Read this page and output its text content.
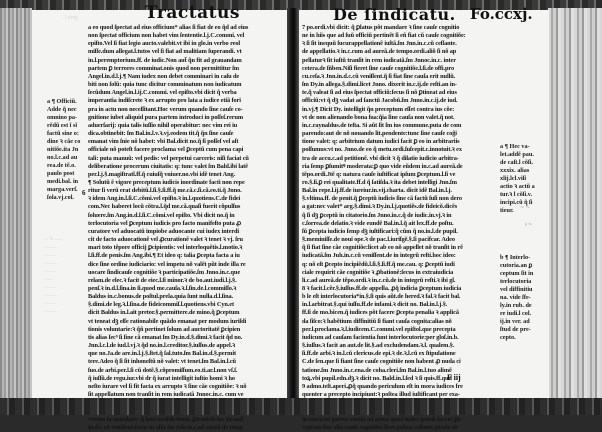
. ǀ ccxj .

.. ꝛ ......

........

.......

........

.......

......

.......

........

.......

........

Tractatus	De ſindicatu. Fo.ccxj.

a eo quod ſpectat ad eius officium* alias ſi fiat de eo q̃d ad eius

non ſpectat officium non habet vim ſententie.l.j.C.commi. vel

epiſto.Vel ſi fiat legio aucto.valebit.vt ibi in glo.in verbo reol

miſſe.dum allegat.l.tutos vel ſi fiat ad malitiam ſuperandi. vt

in.l.peremptorium.ff. de iudic.Non aut̃ q̃n fit ad grauandam

partem ꝑ terrores comminat.onis quod non permittitur ſm

Angel.in.d.l.j.¶ Nam iudex non debet comminari in caſu de

biti non ſolũ: quia tunc dicitur comminatum non iudicatum

ſecũdum Angel.in.l.ij.C.commi. vel epiſto.vbi dicit q̃ verba

imperantia indiſcrete ꝛ ex arrupto pro lata a iudice etiã fori

pra in actu non neceſſitant.Hoc verum quando ſine cauſe co-

gnitione iubet aliquid pura partem introduci in poſſeſ.rerum

aduerſarij: quia talis iuſſio nihil operabitur: nec vim rei iu

dica.obtinebit: ſm Bal.in.l.v.ꝛ.vj.eodem tit.q̃ q̃n ſine cauſe

emanat vim ſnie nõ habet: vbi Bal.dicit no.q̃ ſi poſſeſ vel aſt

officiale nõ poteſt facere proclama vel ꝑceptũ cum pena capi

tali: puta manuũ: vel pedis: vel perpetui carceris: niſi faciat cũ

deliberatione procerum ciuitatis: q: tunc valet ſm Bald.ibi latẽ

per.l.j.§.magiſtratĩ.ff.q̃ cuiuſq̃ vniuer.no.vbi idẽ tenet Ang.

¶ Solutũ ẽ vigore preceptum iudicis inordinate facti non repe

ritur ſi verũ erat debitũ.l.ſi.§.ſi.ff.q̃ me.cã.c.ſi.cã.eo.ti.q̃ Jnno.

ꝛ idem Ang.in.l.ſi.C.cõmi.vel epiſto.ꝛ in.l.quotiens.C.de fidei

com.Nec haberet locũ cõtra.l.q̃d me.cã.quaſi fuerit cõpulſus

ſoluere.ſm Ang.in.d.l.ſi.C.cõmi.vel epiſto. Vbi dicit no.q̃ in

terlocutoria vel ꝑceptum iudicis pro facto manifeſto puta ꝓ

curatore vel aduocatũ impiobe aduocante cui iudex interdi

cit de facto aduocationẽ vel ꝓcurationẽ valet ꝛ tenet ꝛ vj. ſru

mari toto tẽpore officij ꝑcipientis: vel interloquẽtis.l.motio.ꝛ

l.ſi.ff.de penis.ſm Ang.ibi.¶ Et ideo q: talia ꝑcepta facta a iu

dice ſine ordine iudiciario: vel impetu nõ valẽt pũt inde illa re

uocare ſindicauſe cognitiõe ꝛ participatiõe.ſm Jnno.in.c.que

relam.de elec.ꝛ facit de eiec.l.ſi minor.ꝛ de bo.aut.iudi.l.j.§.

penſ.ꝛ in.d.l.ſina.in ſi.quod me.cauſa.ꝛ.l.ſin.de.l.commiſſo.ꝛ

Baldus in.c.bonus.de poſtul.prela.quia ſunt nulla.d.l.ſina.

§.dimi.de leg.ꝛ.l.ſina.de fideicommiſ.l.quotiens.vbi Cyn.et

dicit Baldus in.l.ait pretor.§.permittere.de mino.q̃ ꝑceptum

vt teneat dꝫ eſſe rationabile quãdo emanat per modum iuriſdi

tionis voluntarie:ꝛ q̃ñ pertinet ſolum ad auctoritatẽ ꝑcipien

tis alias ſec⁹ ſi ſine cã emanat ſm Dy.in.d.§.dimi.ꝛ facit q̃d no.

Jnn.l.c.l.de iud.l.vj.ꝛ q̃d no.in.l.creditor.§.iuſſus.de appel.ꝛ

que no.Ja.de are.in.l.j.§.ſtet.q̃ ſal.tuto.ſm Bal.in.d.§.permit

tere.Adeo q̃ ſi ſit inhoneſtũ nõ valet: vt tenet.ſm Bal.in.l.cũ

ſuo.de arbi.per.l.ſi cũ dotẽ.§.cõpromiſſum.eo.ti.ar.l.non vſ.ſ.

q̃ iuſſũ.de regu.iur.vbi dr q̃ iurat intelligit iuſtio homi ꝛ ho

neſto iurare vel ſi fit facta ex arrupto ꝛ ſine cãe cognitiõe: ꝛ nõ

ſit appellatum non tranſit in rem iudicatã Jnnoc.in.c. cum ve

verum in mandatis: q̃ ſunt iuriſdictionis ꝓtentioſe.ſm Jo.and.

in.d.c.cũ veniſſent.ſecus in aliis ſm Juh.in.c.ad aureã de temp

a ¶ Officiũ.

Adde q̃ nec

omnino pa-

rẽdũ est ĩ sĩ

factũ sine o:

dine ꝛ cãe co

nitiõe.ita Jn

no.l.c.ad au

rea.de tẽ.o.

paulo post

medi.bal. in

marga.verſ.

ſola.vj.col.

6

7 po.ordi.vbi dicit: q̃ ꝑlatus põt mandare ꝛ ſine cauſe cognitio

ne in hiis que ad ſuũ officiũ pertinẽt ſi eñ fiat cũ cauſe cognitiõe:

ꝛ ſi ſit inequũ ſucurappellationẽ iuſtã.ſm Jnn.in.c.cũ ceſſante.

de appellatio.ꝛ in.c.cum ad aureã.de tempo.ordi.aliõ ſi nõ ap

pellaturꝛ ſit iuſtũ tranſit in rem iudicatã.ſm Jnnoc.in.c. inter

cetera.de ſñben.Niſi fieret ſine cauſe cognitiõe.l.ſi.de offi.pro

cu.ceſa.ꝛ Jnn.in.d.c.cũ veniſſent.q̃ ſi fiat ſine cauſa erit nullũ.

ſm Dy.in allega.§.dimi.licet Jnno. dixerit in.c.ij.de reſti.an in-

te.q̃ valeat ſi ad eius ſpectat officiũ:ſecus ſi nõ ꝑtineat ad eius

officiũ:vt q̃ dꝫ vadat ad ſanctũ Jacobũ.ſm Jnno.in.c.ij.de iud.

in.vj.¶ Dicit Dy. intelligit q̃n preceptum eſſet contra ius cõe:

vt de non alienando bona ſua:q̃ia ſine cauſa non valet.q̃ not.

in.c.raynaldus.de teſta. Si aũt ſit ſm ius commune.puta de com

parendo:aut de nõ nouando lit.pendente:tunc ſine cauſe cog̃i

tione valet: q: arbitrium datum iudici facit ꝑ eo in arbitrariis

poſſumus:vt no. Jnno.de eo q̃ metu.ordi.ſuſcepit.c.innotuit.ꝛ ex

tra de accu.c.ad petitionẽ. vbi dicit ꝛ q̃ dilatio iudicio arbitra-

ria ſemp ꝑſumitꝰ moderata:ꝑ quo vide eũdem in.c.ad aureã.de

tẽpo.ordi.Jtẽ q: natura cauſe iuſtificat ipſum ꝑceptum.l.ſi ve

ro.§.ſi.ꝑ rei qualitate.ff.d q̃ ſatiſda.ꝛ ita debet intelligi Jnn.ſm

Bal.in repe.l.ij.ff.de iureiur.in.vij.charta. dicit idẽ Bal.in.l.j.

§.vltima.ff. de penit.q̃ ꝑceptũ iudicis ſine cã factũ ſuſi non dero

a gat:nec valet* arg.§.dimi.ꝛ Dy.in.l.j.quotiẽs.de fideicõ.dicẽs

q̃ ſi dꝫ ꝑceptũ in citatorio.ſm Jnno.in.c.q̃ de iudic.in.vj.ꝛ in

c.ſorrea.de delatio.ꝛ vide eundẽ Bal.in.l.q̃ ait lex.ff.de poſtu.

ſũ ꝑcepta iudicio ſemp dꝫ iuſtificari:q̃ cũm q̃ no.in.l.de pupil.

§.meminiſſe.de noui ope.ꝛ de pac.l.iuriſgẽ.§.ſi pacifcar. Adeo

q̃ ſi fiat ſine cãe cognitiõe:licet ab eo nõ appellet nõ tranſit in rẽ

iudicatã.ſm Juh.in.c.cũ veniſſent.de in integrũ reſti.hoc ideo:

q: nõ eſt ꝑcepto incipiẽdũ.l.ſi.§.ſi.ff.q̃ me.cau. q: ꝑceptũ iudi

ciale requirit cãe cognitiõe ꝛ ꝓbationẽ:ſecus in extraiudicia

li.c.ad aureã.de tẽpo.ordi.ꝛ in.c.cũ.de in integrũ reſti.ꝛ ibi gl.

8 ꝛ facit.l.cẽr.§.iuſſus.ff.de appella. ꝓq̃ indicia ꝑceptum iudicia

b le eſt interlocutoria*in.§.ſi quis aũt.de hered.ꝛ fal.ꝛ facit bal.

in.l.arbitrat.§.qui iuſſu.ff.de infami.ꝛ dicit no. Bal.in.l.j.§.

ff.ſi de mo.bicen.q̃ iudices põt facere ꝑcepta penalia ꝛ applicã

da ſiſco:ꝛ habẽtium diffinitiũ ſi fiant cauſa cognita:alias nõ

per.l.proclama.ꝛ.l.iudicem.C.commi.vel epiſtol.que precepta

iudicum ad cauſam facientia ſunt interlocutorie:per gloſ.in.b.

§.iuſſus.ꝛ facit an aut.de lit.§.ad excludendam.ꝛ.l. qualem.§.

ſi.ff.de arbi.ꝛ in.l.cũ clericus.de epi.ꝛ de.ꝛ.l.cũ ex ſtipulatione

C.de ſen.que ſi fiant ſine cauſe cognitiõe non habent ꝓ nuda ci

tatione.ſm Jnno.in.c.ena.de coha.cleri.ſm Bal.in.l.tuo alimẽ

toꝝ.vbi pupil.edn.dꝫ.ꝛ dicit no. Bald.in.l.ſed ꝛ ſi quis.ff.qud

9 admo.teſt.aperi.ꝓq̃ quando periculum eſt in mora iudices fre

quenter a precepto incipiunt:ꝛ poſtea illud iuſtificant per exa-

in mora:ne partes veniãt ad arma quod iudex poteſt facere ꝑe

ceptum ſine alia cauſe cognitiõe.licet poſtea ceſſante picolo de

a ¶ Hec va-

let.addẽ pau.

de caſt.l cõſi.

xxxix. alias

xlij.lcl.viſi

actio ꝛ actũ a

tur.ꝛ l cõſi.v.

incipi.cũ q̃ ſi

tieur.

b ¶ Interlo-

cutoria.an ꝑ

ceptum ſit in

terlocutoria

vel diffinitiu

na. vide ſfe-

ly.in rub. de

re iudi.l col.

ij.in ver. ad

ſtud de pre-

cepto.

~ ~
ꝛ ~
F iij
